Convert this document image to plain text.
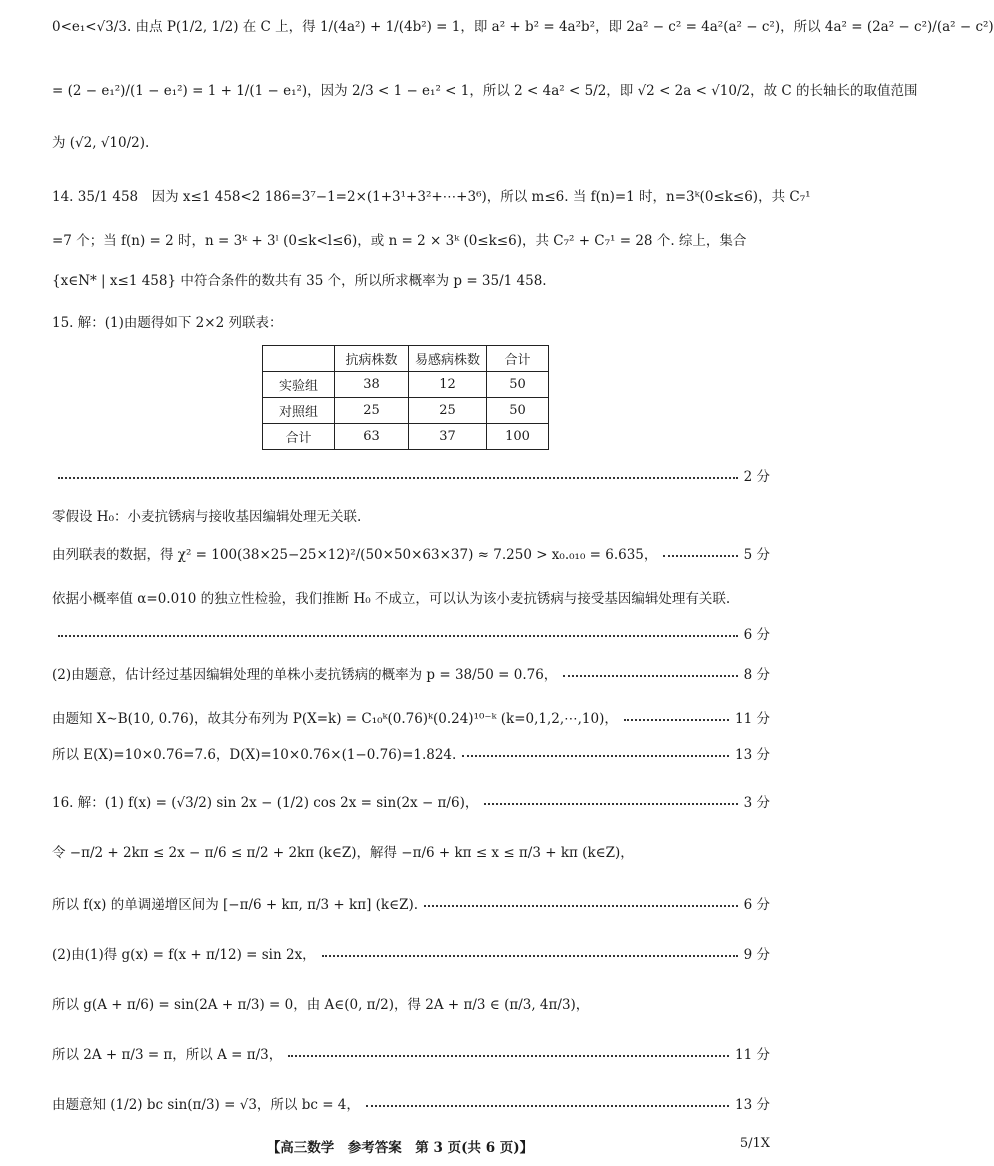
0<e₁<√3/3. 由点 P(1/2, 1/2) 在 C 上，得 1/(4a²) + 1/(4b²) = 1，即 a² + b² = 4a²b²，即 2a² − c² = 4a²(a² − c²)，所以 4a² = (2a² − c²)/(a² − c²)
= (2 − e₁²)/(1 − e₁²) = 1 + 1/(1 − e₁²)，因为 2/3 < 1 − e₁² < 1，所以 2 < 4a² < 5/2，即 √2 < 2a < √10/2，故 C 的长轴长的取值范围
为 (√2, √10/2).
14. 35/1 458　因为 x≤1 458<2 186=3⁷−1=2×(1+3¹+3²+⋯+3⁶)，所以 m≤6. 当 f(n)=1 时，n=3ᵏ(0≤k≤6)，共 C₇¹
=7 个；当 f(n) = 2 时，n = 3ᵏ + 3ˡ (0≤k<l≤6)，或 n = 2 × 3ᵏ (0≤k≤6)，共 C₇² + C₇¹ = 28 个. 综上，集合
{x∈N* | x≤1 458} 中符合条件的数共有 35 个，所以所求概率为 p = 35/1 458.
15. 解：(1)由题得如下 2×2 列联表：
	抗病株数	易感病株数	合计
实验组	38	12	50
对照组	25	25	50
合计	63	37	100
2 分
零假设 H₀：小麦抗锈病与接收基因编辑处理无关联.
由列联表的数据，得 χ² = 100(38×25−25×12)²/(50×50×63×37) ≈ 7.250 > x₀.₀₁₀ = 6.635，	5 分
依据小概率值 α=0.010 的独立性检验，我们推断 H₀ 不成立，可以认为该小麦抗锈病与接受基因编辑处理有关联.
6 分
(2)由题意，估计经过基因编辑处理的单株小麦抗锈病的概率为 p = 38/50 = 0.76，	8 分
由题知 X∼B(10, 0.76)，故其分布列为 P(X=k) = C₁₀ᵏ(0.76)ᵏ(0.24)¹⁰⁻ᵏ (k=0,1,2,⋯,10)，	11 分
所以 E(X)=10×0.76=7.6，D(X)=10×0.76×(1−0.76)=1.824.	13 分
16. 解：(1) f(x) = (√3/2) sin 2x − (1/2) cos 2x = sin(2x − π/6)，	3 分
令 −π/2 + 2kπ ≤ 2x − π/6 ≤ π/2 + 2kπ (k∈Z)，解得 −π/6 + kπ ≤ x ≤ π/3 + kπ (k∈Z)，
所以 f(x) 的单调递增区间为 [−π/6 + kπ, π/3 + kπ] (k∈Z).	6 分
(2)由(1)得 g(x) = f(x + π/12) = sin 2x，	9 分
所以 g(A + π/6) = sin(2A + π/3) = 0，由 A∈(0, π/2)，得 2A + π/3 ∈ (π/3, 4π/3)，
所以 2A + π/3 = π，所以 A = π/3，	11 分
由题意知 (1/2) bc sin(π/3) = √3，所以 bc = 4，	13 分
【高三数学　参考答案　第 3 页(共 6 页)】	5/1X
